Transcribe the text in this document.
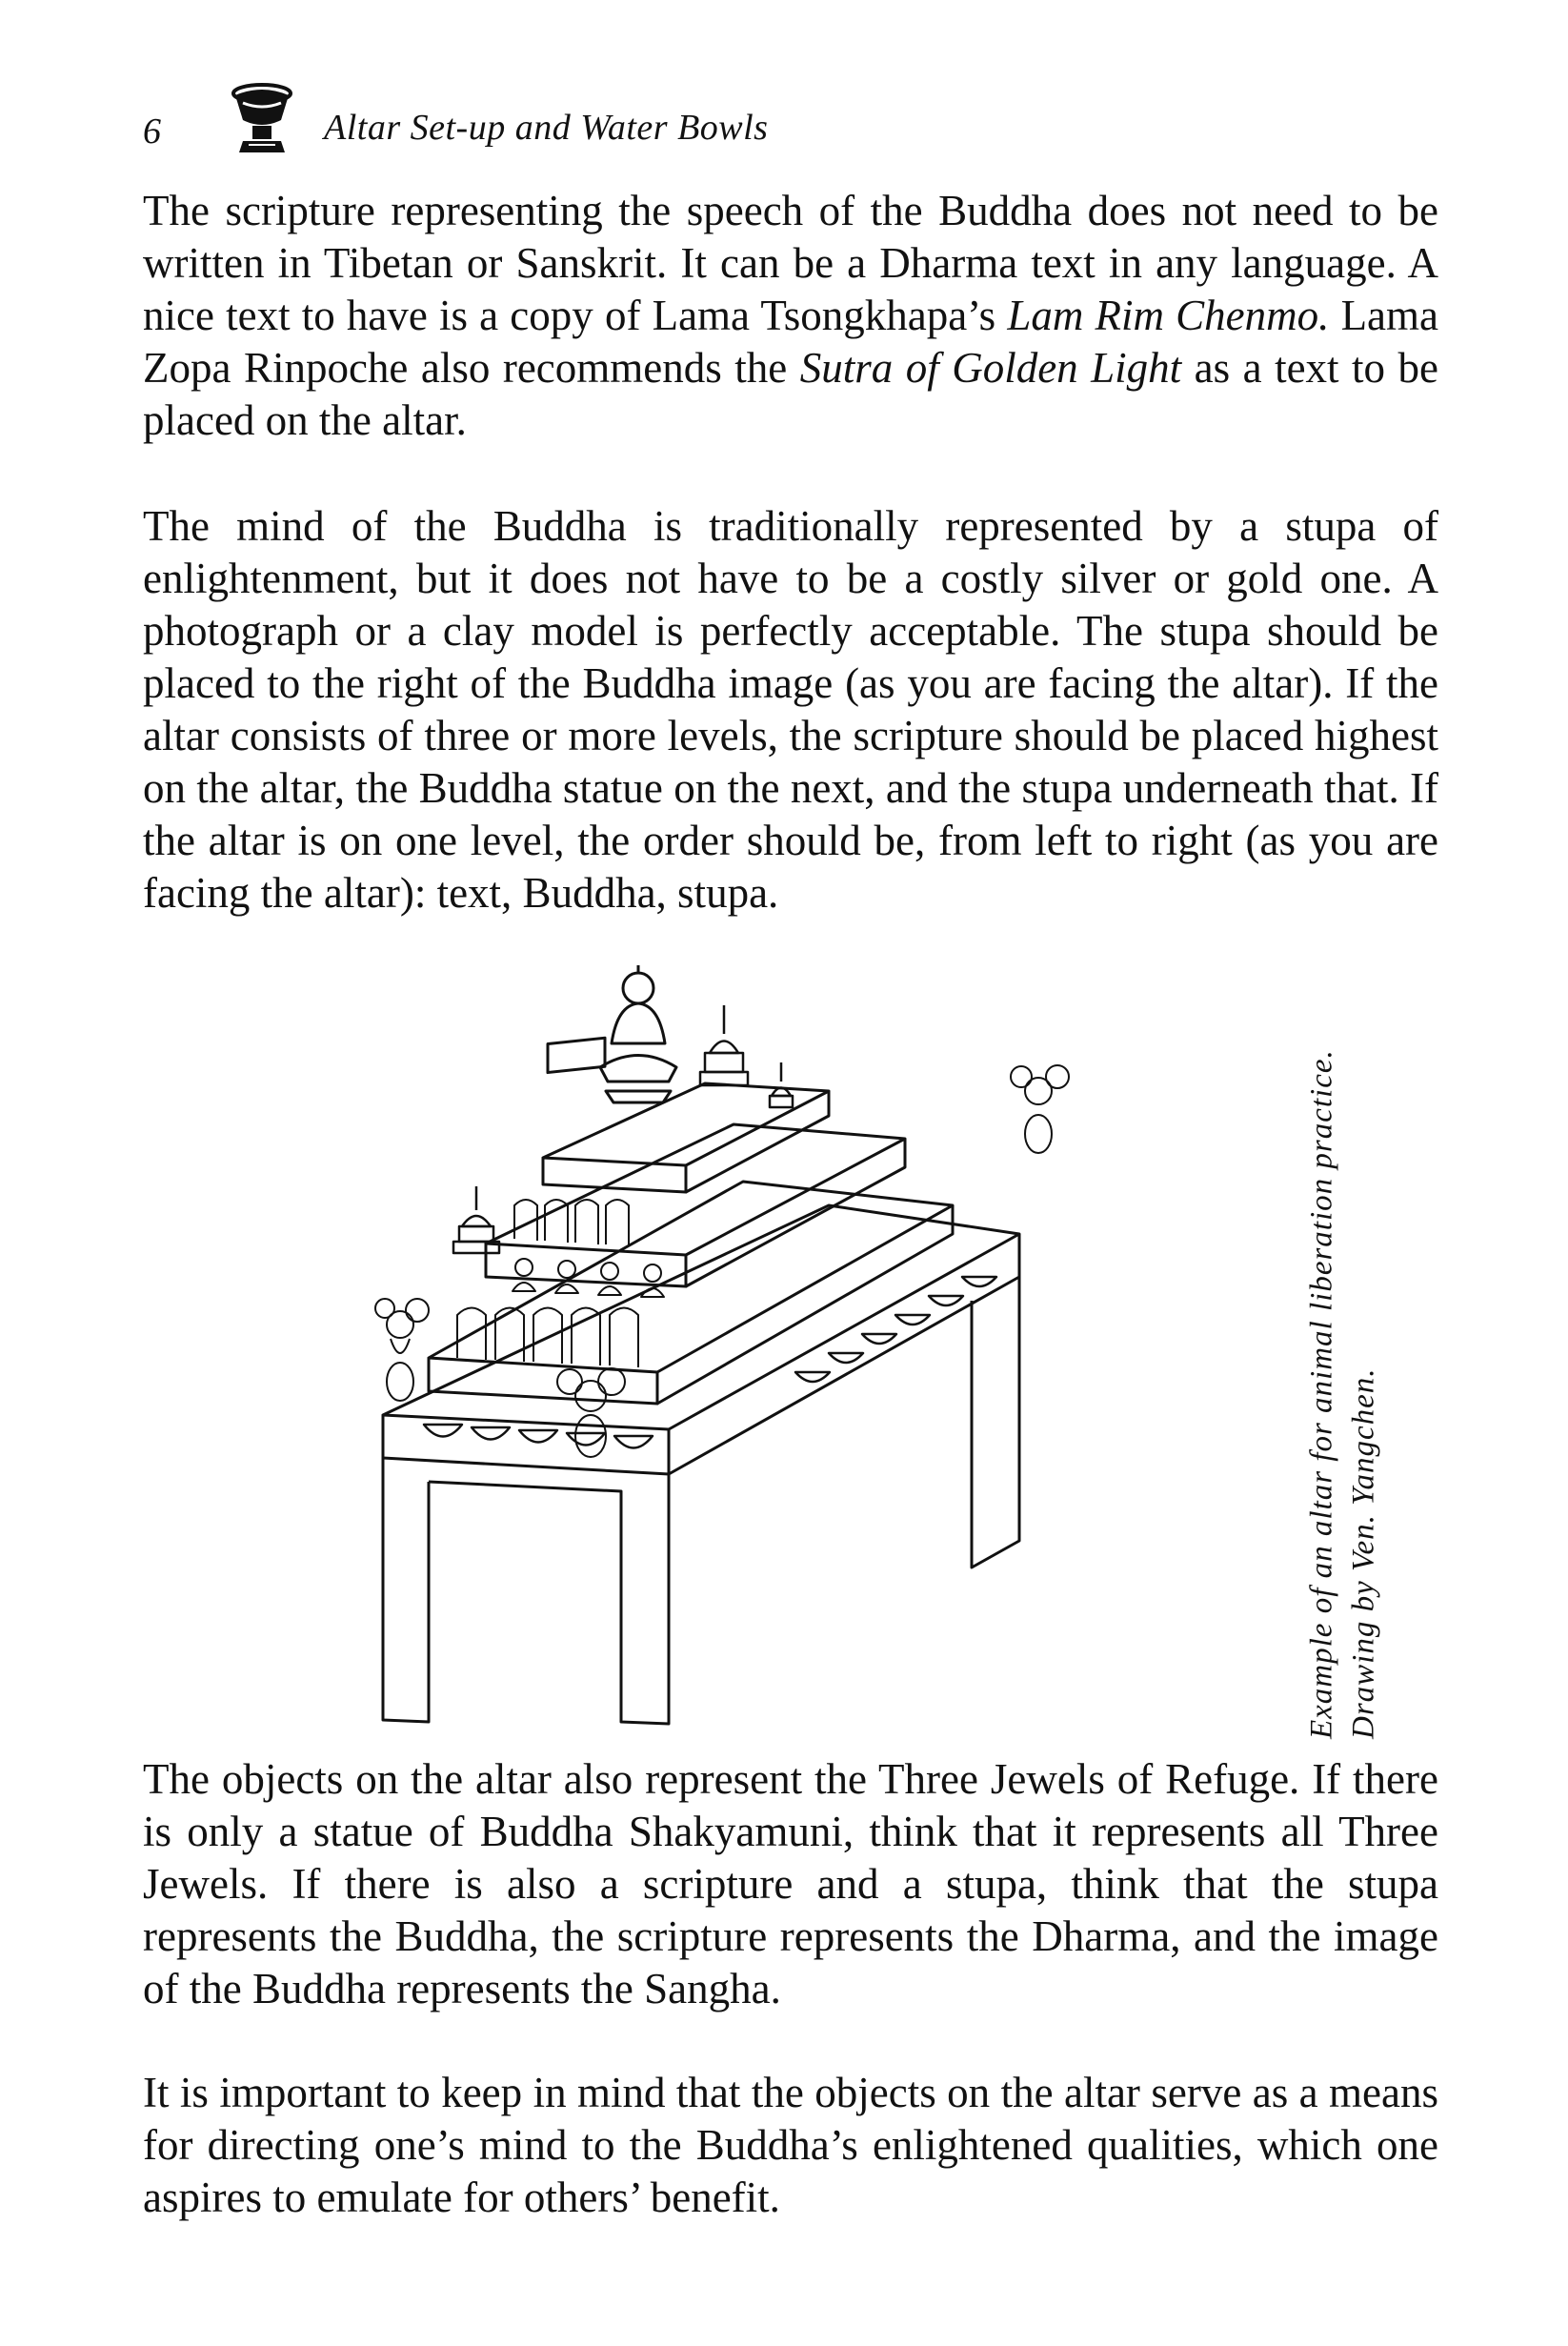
6	Altar Set-up and Water Bowls

The scripture representing the speech of the Buddha does not need to be written in Tibetan or Sanskrit. It can be a Dharma text in any language. A nice text to have is a copy of Lama Tsongkhapa’s Lam Rim Chenmo. Lama Zopa Rinpoche also recommends the Sutra of Golden Light as a text to be placed on the altar.

The mind of the Buddha is traditionally represented by a stupa of enlightenment, but it does not have to be a costly silver or gold one. A photograph or a clay model is perfectly acceptable. The stupa should be placed to the right of the Buddha image (as you are facing the altar). If the altar consists of three or more levels, the scripture should be placed highest on the altar, the Buddha statue on the next, and the stupa underneath that. If the altar is on one level, the order should be, from left to right (as you are facing the altar): text, Buddha, stupa.

Example of an altar for animal liberation practice. Drawing by Ven. Yangchen.

The objects on the altar also represent the Three Jewels of Refuge. If there is only a statue of Buddha Shakyamuni, think that it represents all Three Jewels. If there is also a scripture and a stupa, think that the stupa represents the Buddha, the scripture represents the Dharma, and the image of the Buddha represents the Sangha.

It is important to keep in mind that the objects on the altar serve as a means for directing one’s mind to the Buddha’s enlightened qualities, which one aspires to emulate for others’ benefit.
